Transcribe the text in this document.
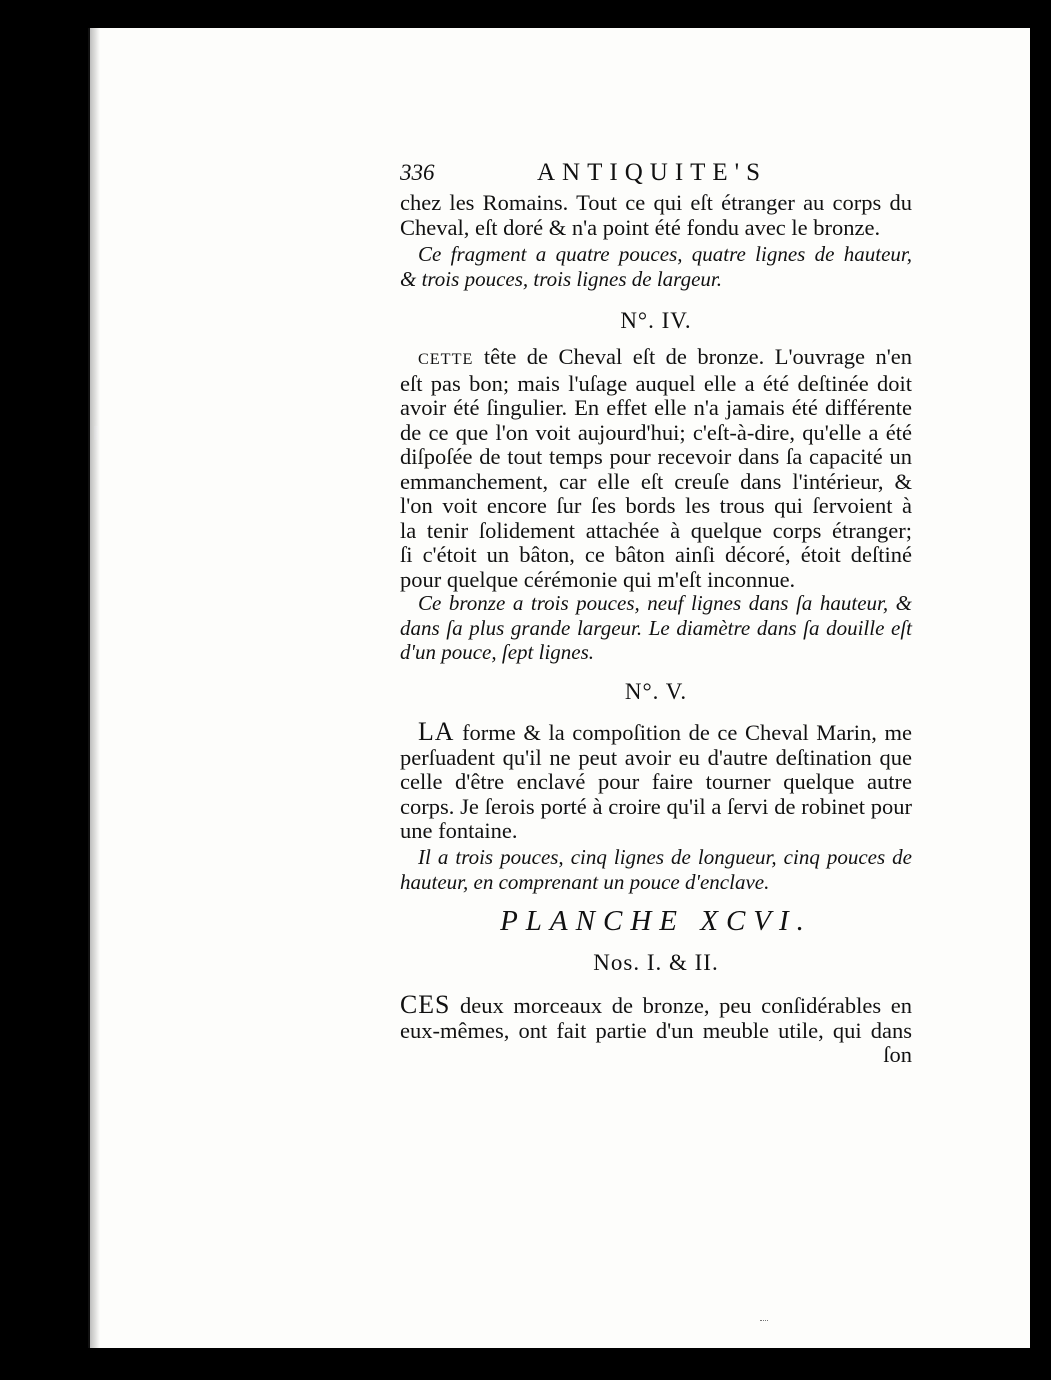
336	ANTIQUITE'S
chez les Romains. Tout ce qui eſt étranger au corps du
Cheval, eſt doré & n'a point été fondu avec le bronze.
Ce fragment a quatre pouces, quatre lignes de hauteur,
& trois pouces, trois lignes de largeur.
N°. IV.
CETTE tête de Cheval eſt de bronze. L'ouvrage n'en
eſt pas bon; mais l'uſage auquel elle a été deſtinée doit
avoir été ſingulier. En effet elle n'a jamais été différente
de ce que l'on voit aujourd'hui; c'eſt-à-dire, qu'elle a été
diſpoſée de tout temps pour recevoir dans ſa capacité un
emmanchement, car elle eſt creuſe dans l'intérieur, &
l'on voit encore ſur ſes bords les trous qui ſervoient à
la tenir ſolidement attachée à quelque corps étranger;
ſi c'étoit un bâton, ce bâton ainſi décoré, étoit deſtiné
pour quelque cérémonie qui m'eſt inconnue.
Ce bronze a trois pouces, neuf lignes dans ſa hauteur, &
dans ſa plus grande largeur. Le diamètre dans ſa douille eſt
d'un pouce, ſept lignes.
N°. V.
LA forme & la compoſition de ce Cheval Marin, me
perſuadent qu'il ne peut avoir eu d'autre deſtination que
celle d'être enclavé pour faire tourner quelque autre
corps. Je ſerois porté à croire qu'il a ſervi de robinet pour
une fontaine.
Il a trois pouces, cinq lignes de longueur, cinq pouces de
hauteur, en comprenant un pouce d'enclave.
PLANCHE XCVI.
Nos. I. & II.
CES deux morceaux de bronze, peu conſidérables en
eux-mêmes, ont fait partie d'un meuble utile, qui dans
ſon
